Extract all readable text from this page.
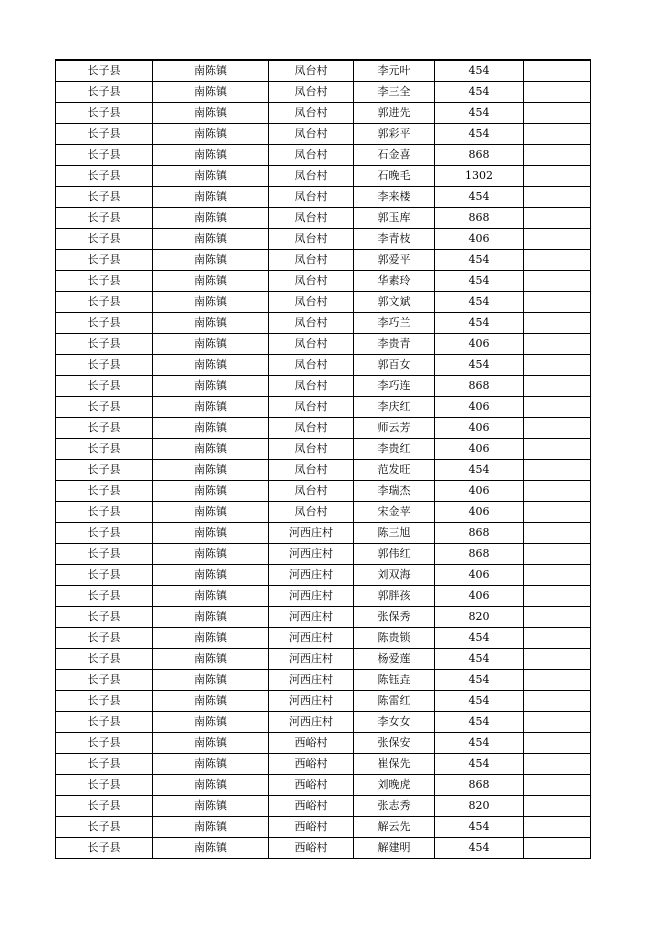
长子县	南陈镇	凤台村	李元叶	454	
长子县	南陈镇	凤台村	李三全	454	
长子县	南陈镇	凤台村	郭进先	454	
长子县	南陈镇	凤台村	郭彩平	454	
长子县	南陈镇	凤台村	石金喜	868	
长子县	南陈镇	凤台村	石晚毛	1302	
长子县	南陈镇	凤台村	李来楼	454	
长子县	南陈镇	凤台村	郭玉库	868	
长子县	南陈镇	凤台村	李青枝	406	
长子县	南陈镇	凤台村	郭爱平	454	
长子县	南陈镇	凤台村	华素玲	454	
长子县	南陈镇	凤台村	郭文斌	454	
长子县	南陈镇	凤台村	李巧兰	454	
长子县	南陈镇	凤台村	李贵青	406	
长子县	南陈镇	凤台村	郭百女	454	
长子县	南陈镇	凤台村	李巧连	868	
长子县	南陈镇	凤台村	李庆红	406	
长子县	南陈镇	凤台村	师云芳	406	
长子县	南陈镇	凤台村	李贵红	406	
长子县	南陈镇	凤台村	范发旺	454	
长子县	南陈镇	凤台村	李瑞杰	406	
长子县	南陈镇	凤台村	宋金苹	406	
长子县	南陈镇	河西庄村	陈三旭	868	
长子县	南陈镇	河西庄村	郭伟红	868	
长子县	南陈镇	河西庄村	刘双海	406	
长子县	南陈镇	河西庄村	郭胖孩	406	
长子县	南陈镇	河西庄村	张保秀	820	
长子县	南陈镇	河西庄村	陈贵锁	454	
长子县	南陈镇	河西庄村	杨爱莲	454	
长子县	南陈镇	河西庄村	陈钰垚	454	
长子县	南陈镇	河西庄村	陈雷红	454	
长子县	南陈镇	河西庄村	李女女	454	
长子县	南陈镇	西峪村	张保安	454	
长子县	南陈镇	西峪村	崔保先	454	
长子县	南陈镇	西峪村	刘晚虎	868	
长子县	南陈镇	西峪村	张志秀	820	
长子县	南陈镇	西峪村	解云先	454	
长子县	南陈镇	西峪村	解建明	454	
